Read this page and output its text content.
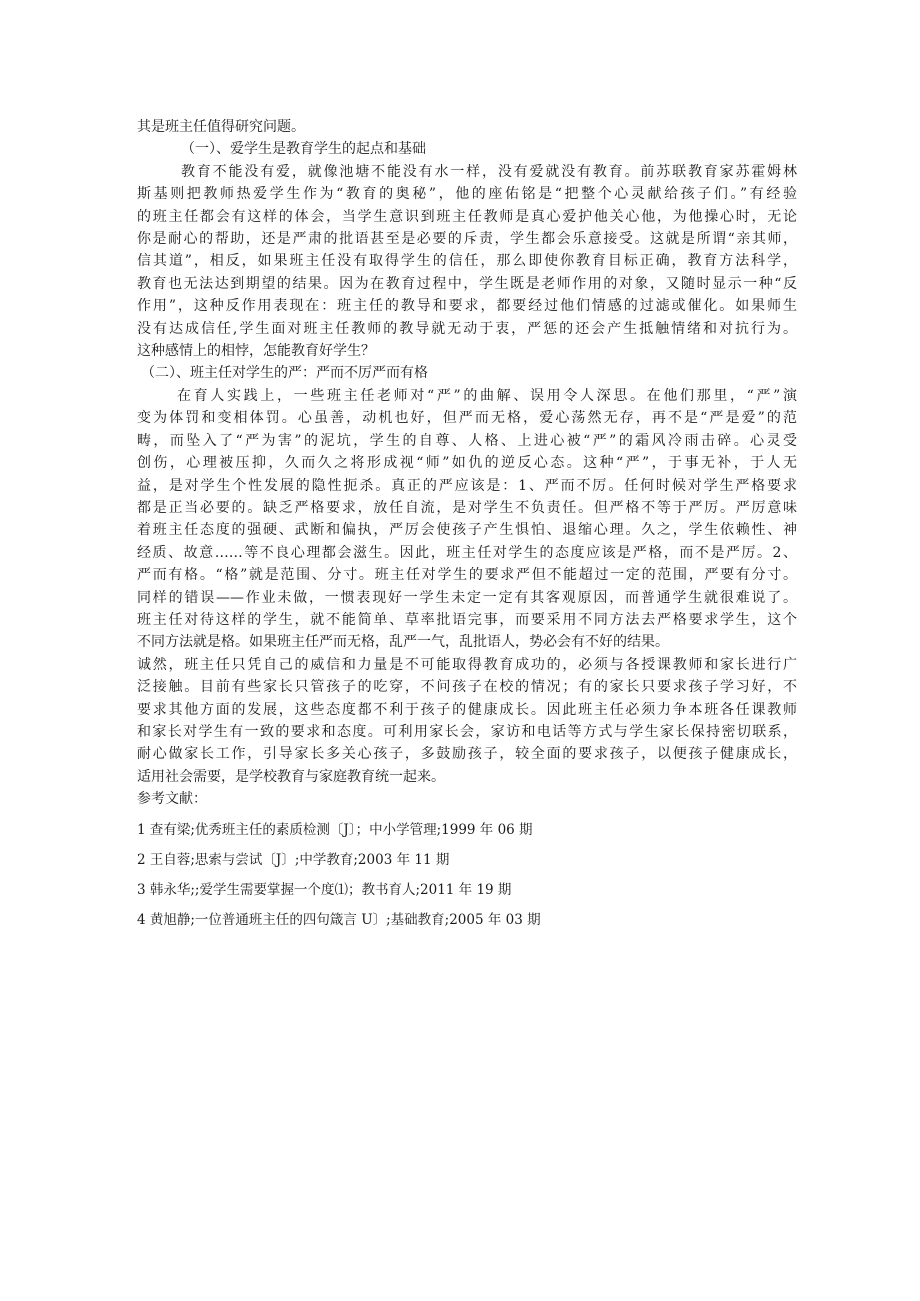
其是班主任值得研究问题。
（一）、爱学生是教育学生的起点和基础
教育不能没有爱，就像池塘不能没有水一样，没有爱就没有教育。前苏联教育家苏霍姆林
斯基则把教师热爱学生作为“教育的奥秘”，他的座佑铭是“把整个心灵献给孩子们。”有经验
的班主任都会有这样的体会，当学生意识到班主任教师是真心爱护他关心他，为他操心时，无论
你是耐心的帮助，还是严肃的批语甚至是必要的斥责，学生都会乐意接受。这就是所谓“亲其师，
信其道”，相反，如果班主任没有取得学生的信任，那么即使你教育目标正确，教育方法科学，
教育也无法达到期望的结果。因为在教育过程中，学生既是老师作用的对象，又随时显示一种“反
作用”，这种反作用表现在：班主任的教导和要求，都要经过他们情感的过滤或催化。如果师生
没有达成信任,学生面对班主任教师的教导就无动于衷，严惩的还会产生抵触情绪和对抗行为。
这种感情上的相悖，怎能教育好学生？
（二）、班主任对学生的严：严而不厉严而有格
在育人实践上，一些班主任老师对“严”的曲解、误用令人深思。在他们那里，“严”演
变为体罚和变相体罚。心虽善，动机也好，但严而无格，爱心荡然无存，再不是“严是爱”的范
畴，而坠入了“严为害”的泥坑，学生的自尊、人格、上进心被“严”的霜风冷雨击碎。心灵受
创伤，心理被压抑，久而久之将形成视“师”如仇的逆反心态。这种“严”，于事无补，于人无
益，是对学生个性发展的隐性扼杀。真正的严应该是：1、严而不厉。任何时候对学生严格要求
都是正当必要的。缺乏严格要求，放任自流，是对学生不负责任。但严格不等于严厉。严厉意味
着班主任态度的强硬、武断和偏执，严厉会使孩子产生惧怕、退缩心理。久之，学生依赖性、神
经质、故意……等不良心理都会滋生。因此，班主任对学生的态度应该是严格，而不是严厉。2、
严而有格。“格”就是范围、分寸。班主任对学生的要求严但不能超过一定的范围，严要有分寸。
同样的错误——作业未做，一惯表现好一学生未定一定有其客观原因，而普通学生就很难说了。
班主任对待这样的学生，就不能简单、草率批语完事，而要采用不同方法去严格要求学生，这个
不同方法就是格。如果班主任严而无格，乱严一气，乱批语人，势必会有不好的结果。
诚然，班主任只凭自己的威信和力量是不可能取得教育成功的，必须与各授课教师和家长进行广
泛接触。目前有些家长只管孩子的吃穿，不问孩子在校的情况；有的家长只要求孩子学习好，不
要求其他方面的发展，这些态度都不利于孩子的健康成长。因此班主任必须力争本班各任课教师
和家长对学生有一致的要求和态度。可利用家长会，家访和电话等方式与学生家长保持密切联系，
耐心做家长工作，引导家长多关心孩子，多鼓励孩子，较全面的要求孩子，以便孩子健康成长，
适用社会需要，是学校教育与家庭教育统一起来。
参考文献：
1 查有梁;优秀班主任的素质检测〔J〕；中小学管理;1999 年 06 期
2 王自蓉;思索与尝试〔J〕;中学教育;2003 年 11 期
3 韩永华;;爱学生需要掌握一个度⑴；教书育人;2011 年 19 期
4 黄旭静;一位普通班主任的四句箴言 U〕;基础教育;2005 年 03 期
